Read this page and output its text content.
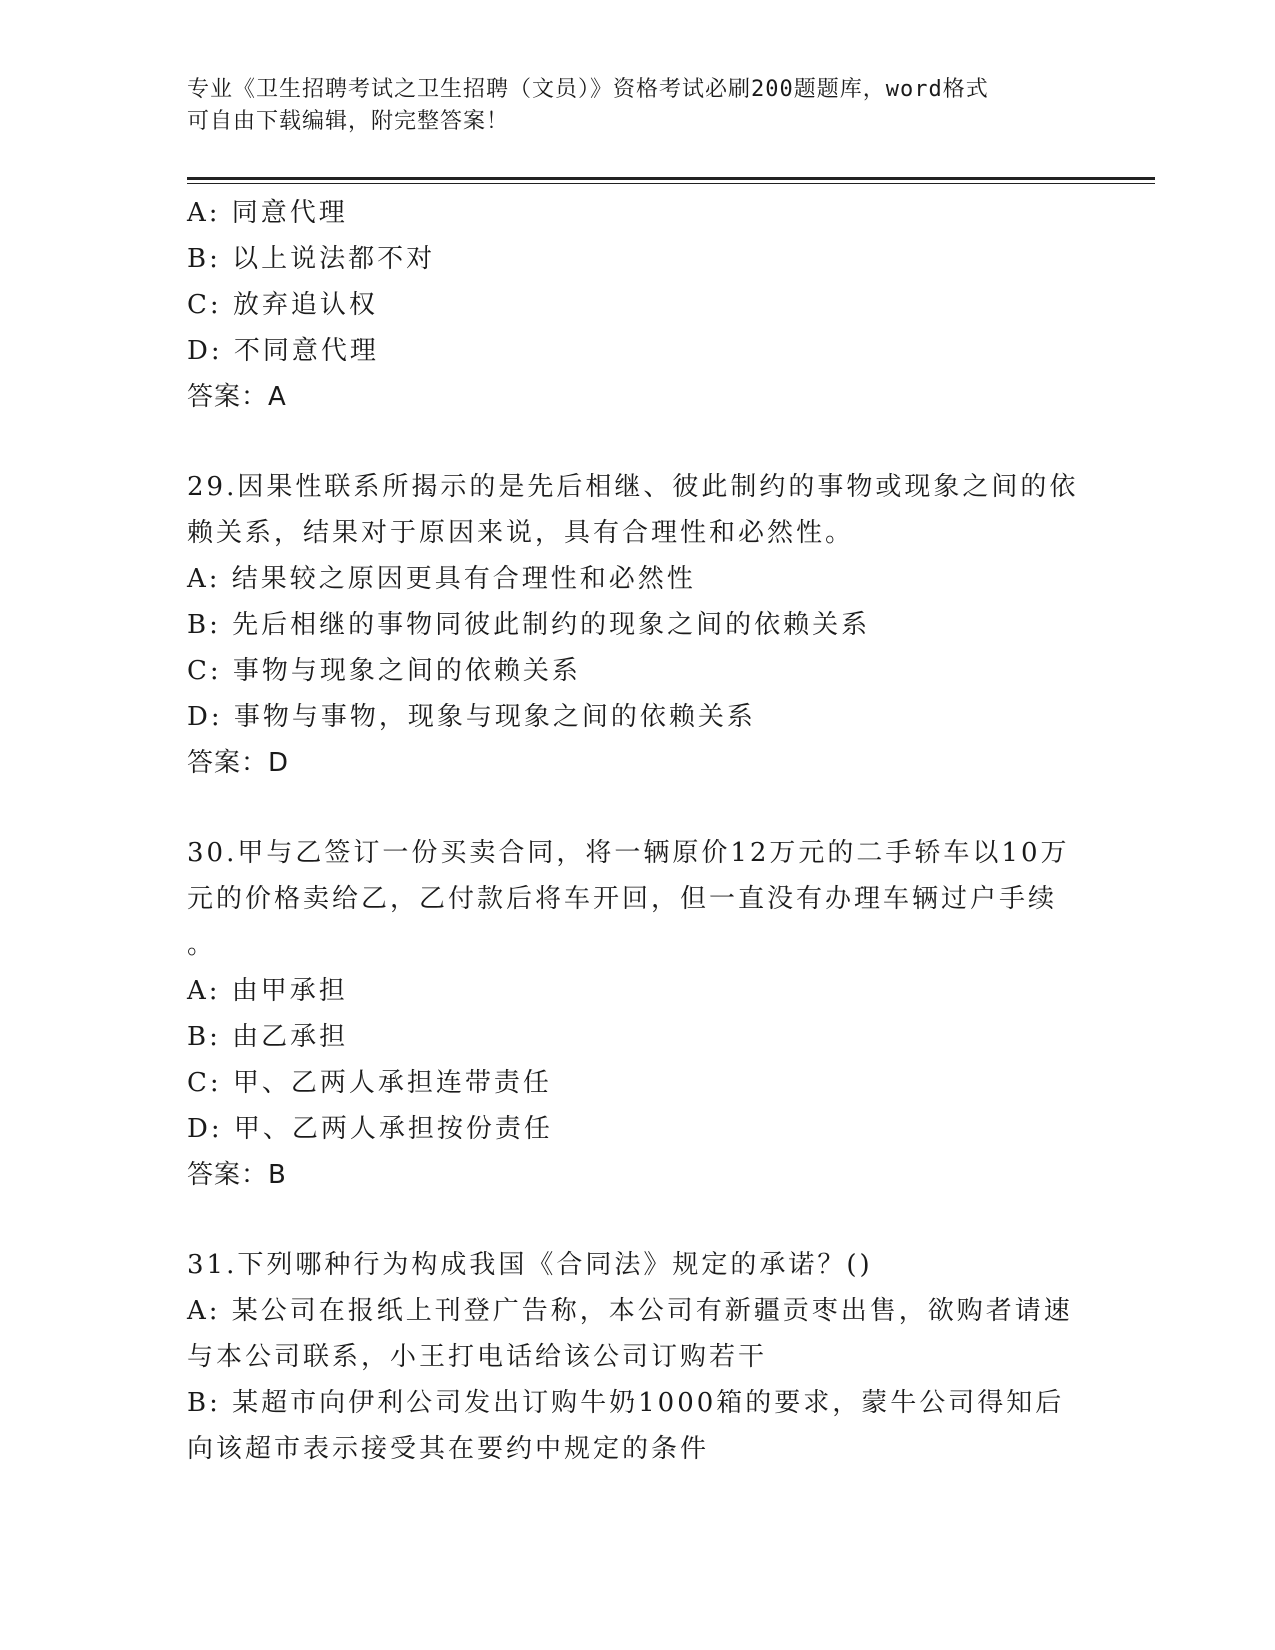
专业《卫生招聘考试之卫生招聘（文员）》资格考试必刷200题题库，word格式
可自由下载编辑，附完整答案！
A: 同意代理
B: 以上说法都不对
C: 放弃追认权
D: 不同意代理
答案：A
29.因果性联系所揭示的是先后相继、彼此制约的事物或现象之间的依
赖关系，结果对于原因来说，具有合理性和必然性。
A: 结果较之原因更具有合理性和必然性
B: 先后相继的事物同彼此制约的现象之间的依赖关系
C: 事物与现象之间的依赖关系
D: 事物与事物，现象与现象之间的依赖关系
答案：D
30.甲与乙签订一份买卖合同，将一辆原价12万元的二手轿车以10万
元的价格卖给乙，乙付款后将车开回，但一直没有办理车辆过户手续
。
A: 由甲承担
B: 由乙承担
C: 甲、乙两人承担连带责任
D: 甲、乙两人承担按份责任
答案：B
31.下列哪种行为构成我国《合同法》规定的承诺？()
A: 某公司在报纸上刊登广告称，本公司有新疆贡枣出售，欲购者请速
与本公司联系，小王打电话给该公司订购若干
B: 某超市向伊利公司发出订购牛奶1000箱的要求，蒙牛公司得知后
向该超市表示接受其在要约中规定的条件
